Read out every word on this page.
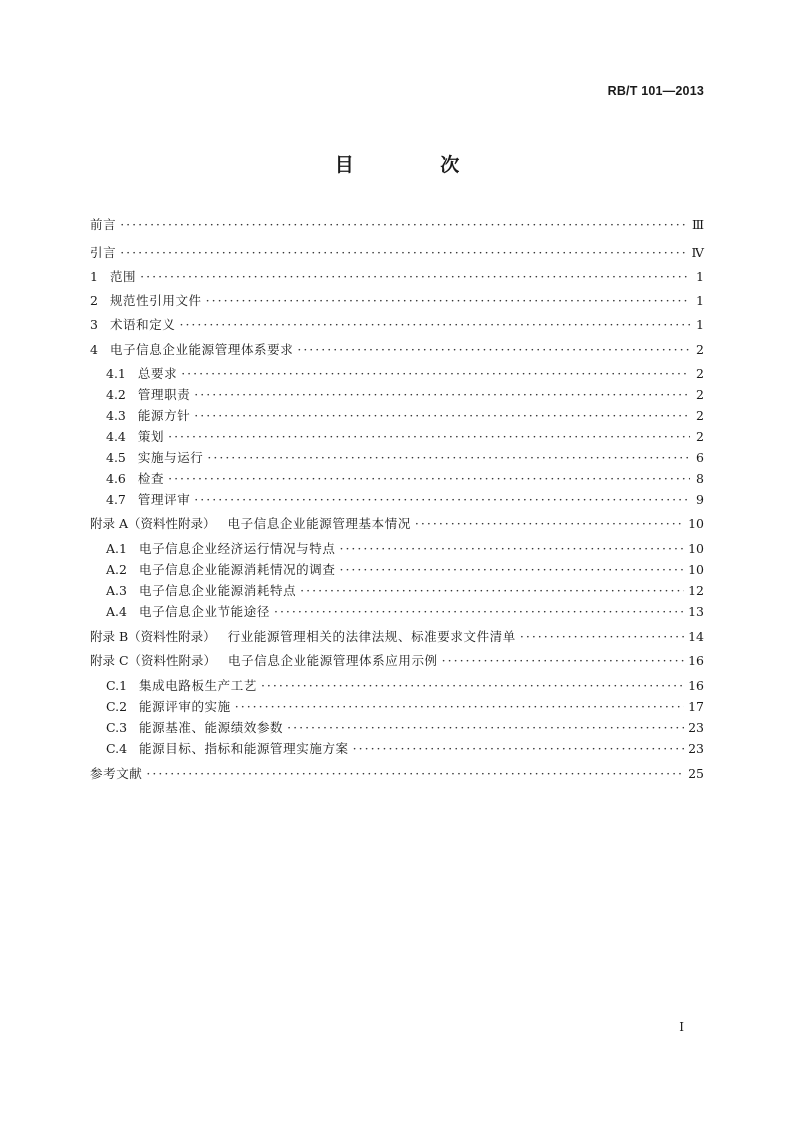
RB/T 101—2013
目 次
前言 ·····	Ⅲ
引言 ·····	Ⅳ
1 范围 ·····	1
2 规范性引用文件 ·····	1
3 术语和定义 ·····	1
4 电子信息企业能源管理体系要求 ·····	2
4.1 总要求 ·····	2
4.2 管理职责 ·····	2
4.3 能源方针 ·····	2
4.4 策划 ·····	2
4.5 实施与运行 ·····	6
4.6 检查 ·····	8
4.7 管理评审 ·····	9
附录 A（资料性附录） 电子信息企业能源管理基本情况 ·····	10
A.1 电子信息企业经济运行情况与特点 ·····	10
A.2 电子信息企业能源消耗情况的调查 ·····	10
A.3 电子信息企业能源消耗特点 ·····	12
A.4 电子信息企业节能途径 ·····	13
附录 B（资料性附录） 行业能源管理相关的法律法规、标准要求文件清单 ·····	14
附录 C（资料性附录） 电子信息企业能源管理体系应用示例 ·····	16
C.1 集成电路板生产工艺 ·····	16
C.2 能源评审的实施 ·····	17
C.3 能源基准、能源绩效参数 ·····	23
C.4 能源目标、指标和能源管理实施方案 ·····	23
参考文献 ·····	25
I
